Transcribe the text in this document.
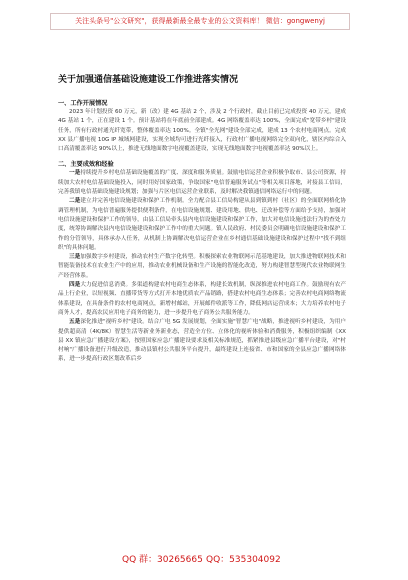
关注头条号"公文研究"，获得最新最全最专业的公文资料库！ 微信：gongwenyj
关于加强通信基础设施建设工作推进落实情况
一、工作开展情况

2023 年计划投资 60 万元，新（改）建 4G 基站 2 个，涉及 2 个行政村，截止目前已完成投资 40 万元，建成 4G 基站 1 个，正在建设 1 个。预计基站将在年底前全部建成。4G 网络覆盖率达 100%，全面完成"宽带乡村"建设任务，所有行政村通光纤宽带，整体覆盖率达 100%。全镇"全光网"建设全部完成，建成 13 个农村电商网点。完成 XX 县广播电视 10G IP 城域网建设，实现全域均可进行光纤接入，行政村广播电视网络完全双向化，辖区内综合入口高清覆盖率达 90%以上，推进无线地面数字电视覆盖建设，实现无线地面数字电视覆盖率达 90%以上。

二、主要成效和经验

一是持续提升乡村电信基础设施覆盖的广度、深度和服务质量。鼓励电信运营企业积极争取市、县公司资源，持续加大农村电信基础设施投入，同时用好国家政策，争取国家"电信普遍服务试点"等相关项目落地，对接县工信局，完善我镇电信基础设施建设规划；加强与片区电信运营企业联系，及时解决我镇通信网络运行中的问题。

二是建立并完善电信设施建设和保护工作机制。全力配合县工信局构建从县到镇到村（社区）的全面联网格化协调管理机制，为电信普遍服务提供便利条件，在电信设施规划、建设用地、供电、迁改补偿等方面给予支持，加强对电信设施建设和保护工作的领导，由县工信局牵头县内电信设施建设和保护工作，加大对电信设施违法行为的查处力度，统筹协调解决县内电信设施建设和保护工作中的重大问题。镇人民政府、村民委员会明确电信设施建设和保护工作的分管领导，具体承办人任务，从机制上协调解决电信运营企业在乡村通信基础设施建设和保护过程中"找不到组织"的具体问题。

三是加强数字乡村建设，推动农村生产数字化转型。积极探索农业物联网示范基地建设，加大推进物联网技术和智能装备技术在农业生产中的应用，推动农业机械设备和生产设施的智能化改造，努力构建智慧型现代农业物联网生产经营体系。

四是大力促进信息消费。多渠道构建农村电商生态体系，构建长效机制，纵深推进农村电商工作。鼓励现有农产品上行企业，以短视频、直播带货等方式打开本地优质农产品销路，搭建农村电商生态体系；完善农村电商网络物流体系建设，在具备条件的农村电商网点，新增村邮站，开展邮件收派等工作，降低网店运营成本；大力培养农村电子商务人才，提高农民应用电子商务的能力，进一步提升电子商务公共服务能力。

五是深化推进"视听乡村"建设。结合广电 5G 发展规划，全面实施"智慧广电"战略，推进视听乡村建设，为用户提供超高清（4K/8K）智慧生活等新业务新业态，营造全方位、立体化的视听体验和消费服务，积极组织编制《XX 县 XX 镇应急广播建设方案》，按照国家应急广播建设要求及相关标准规范，抓紧推进县级应急广播平台建设，对"村村响"广播设备进行升级改造，推动县镇村公共服务平台提升，最终建设上连接省、市和国家的全县应急广播网络体系，进一步提高行政区划改革后乡

QQ 群：30265665 QQ：535304092
